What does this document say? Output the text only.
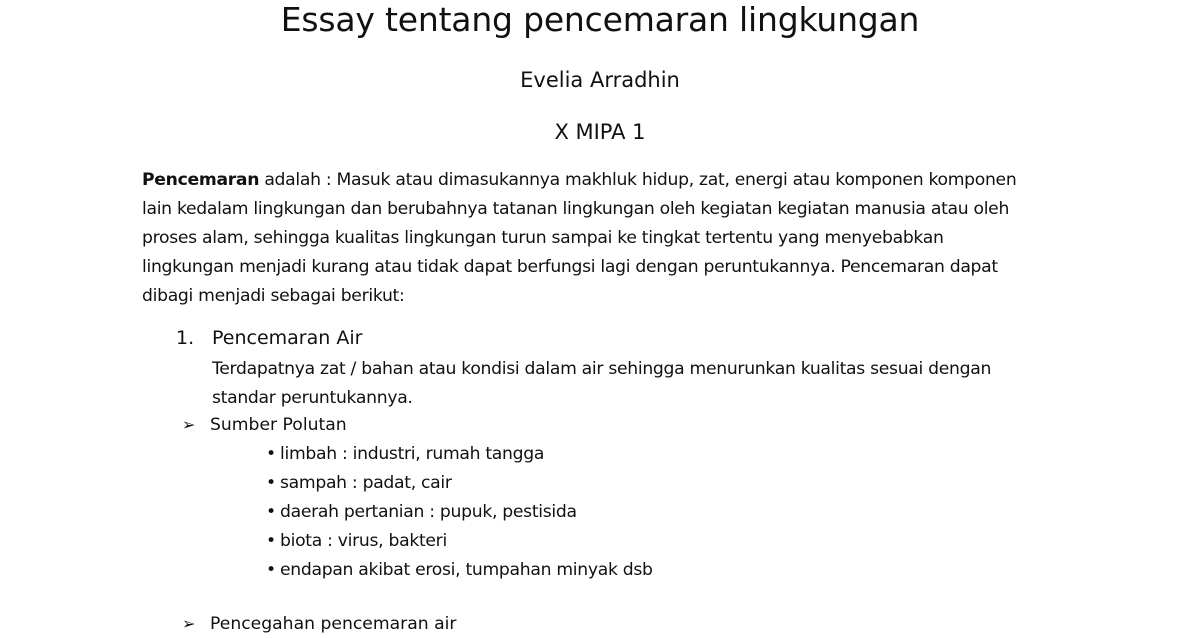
Essay tentang pencemaran lingkungan
Evelia Arradhin
X MIPA 1

Pencemaran adalah : Masuk atau dimasukannya makhluk hidup, zat, energi atau komponen komponen
lain kedalam lingkungan dan berubahnya tatanan lingkungan oleh kegiatan kegiatan manusia atau oleh
proses alam, sehingga kualitas lingkungan turun sampai ke tingkat tertentu yang menyebabkan
lingkungan menjadi kurang atau tidak dapat berfungsi lagi dengan peruntukannya. Pencemaran dapat
dibagi menjadi sebagai berikut:

1. Pencemaran Air
Terdapatnya zat / bahan atau kondisi dalam air sehingga menurunkan kualitas sesuai dengan
standar peruntukannya.
➢ Sumber Polutan
• limbah : industri, rumah tangga
• sampah : padat, cair
• daerah pertanian : pupuk, pestisida
• biota : virus, bakteri
• endapan akibat erosi, tumpahan minyak dsb
➢ Pencegahan pencemaran air
